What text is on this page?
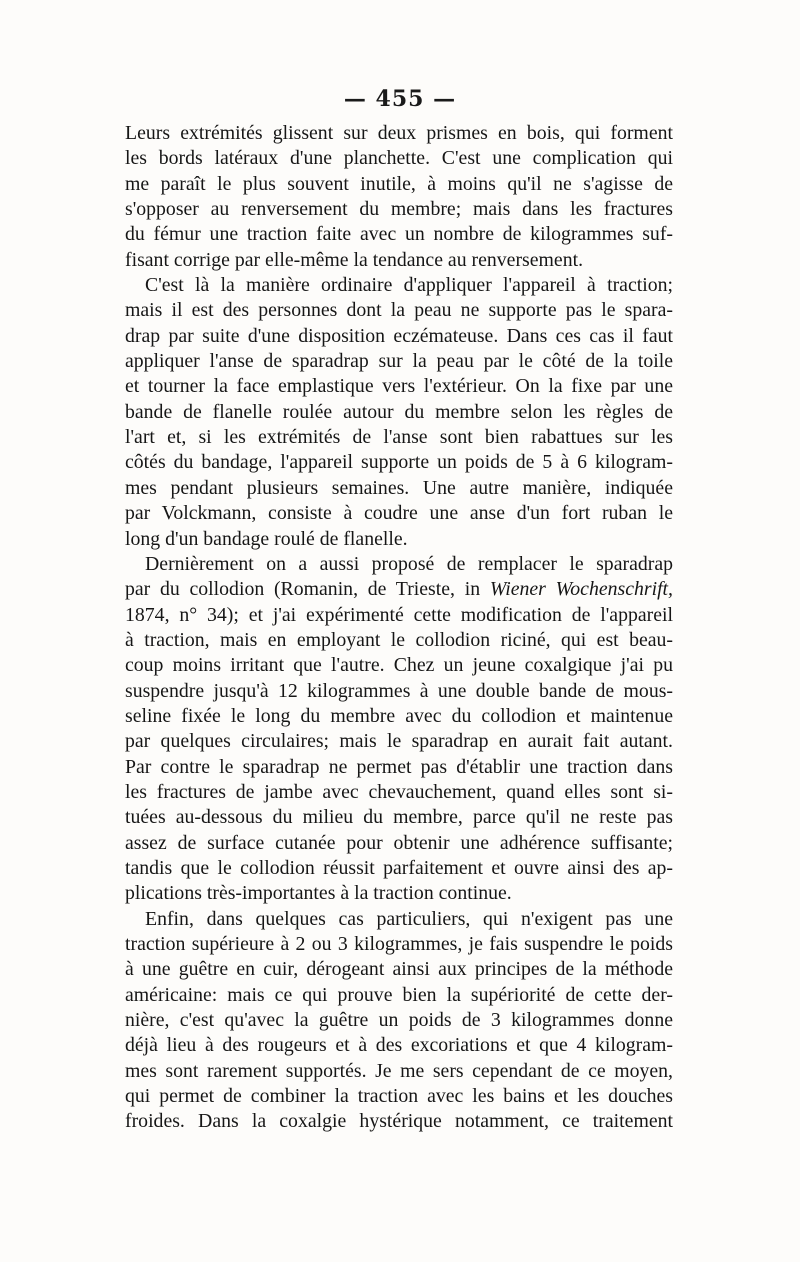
— 455 —
Leurs extrémités glissent sur deux prismes en bois, qui forment
les bords latéraux d'une planchette. C'est une complication qui
me paraît le plus souvent inutile, à moins qu'il ne s'agisse de
s'opposer au renversement du membre; mais dans les fractures
du fémur une traction faite avec un nombre de kilogrammes suf-
fisant corrige par elle-même la tendance au renversement.
C'est là la manière ordinaire d'appliquer l'appareil à traction;
mais il est des personnes dont la peau ne supporte pas le spara-
drap par suite d'une disposition eczémateuse. Dans ces cas il faut
appliquer l'anse de sparadrap sur la peau par le côté de la toile
et tourner la face emplastique vers l'extérieur. On la fixe par une
bande de flanelle roulée autour du membre selon les règles de
l'art et, si les extrémités de l'anse sont bien rabattues sur les
côtés du bandage, l'appareil supporte un poids de 5 à 6 kilogram-
mes pendant plusieurs semaines. Une autre manière, indiquée
par Volckmann, consiste à coudre une anse d'un fort ruban le
long d'un bandage roulé de flanelle.
Dernièrement on a aussi proposé de remplacer le sparadrap
par du collodion (Romanin, de Trieste, in Wiener Wochenschrift,
1874, n° 34); et j'ai expérimenté cette modification de l'appareil
à traction, mais en employant le collodion riciné, qui est beau-
coup moins irritant que l'autre. Chez un jeune coxalgique j'ai pu
suspendre jusqu'à 12 kilogrammes à une double bande de mous-
seline fixée le long du membre avec du collodion et maintenue
par quelques circulaires; mais le sparadrap en aurait fait autant.
Par contre le sparadrap ne permet pas d'établir une traction dans
les fractures de jambe avec chevauchement, quand elles sont si-
tuées au-dessous du milieu du membre, parce qu'il ne reste pas
assez de surface cutanée pour obtenir une adhérence suffisante;
tandis que le collodion réussit parfaitement et ouvre ainsi des ap-
plications très-importantes à la traction continue.
Enfin, dans quelques cas particuliers, qui n'exigent pas une
traction supérieure à 2 ou 3 kilogrammes, je fais suspendre le poids
à une guêtre en cuir, dérogeant ainsi aux principes de la méthode
américaine: mais ce qui prouve bien la supériorité de cette der-
nière, c'est qu'avec la guêtre un poids de 3 kilogrammes donne
déjà lieu à des rougeurs et à des excoriations et que 4 kilogram-
mes sont rarement supportés. Je me sers cependant de ce moyen,
qui permet de combiner la traction avec les bains et les douches
froides. Dans la coxalgie hystérique notamment, ce traitement
